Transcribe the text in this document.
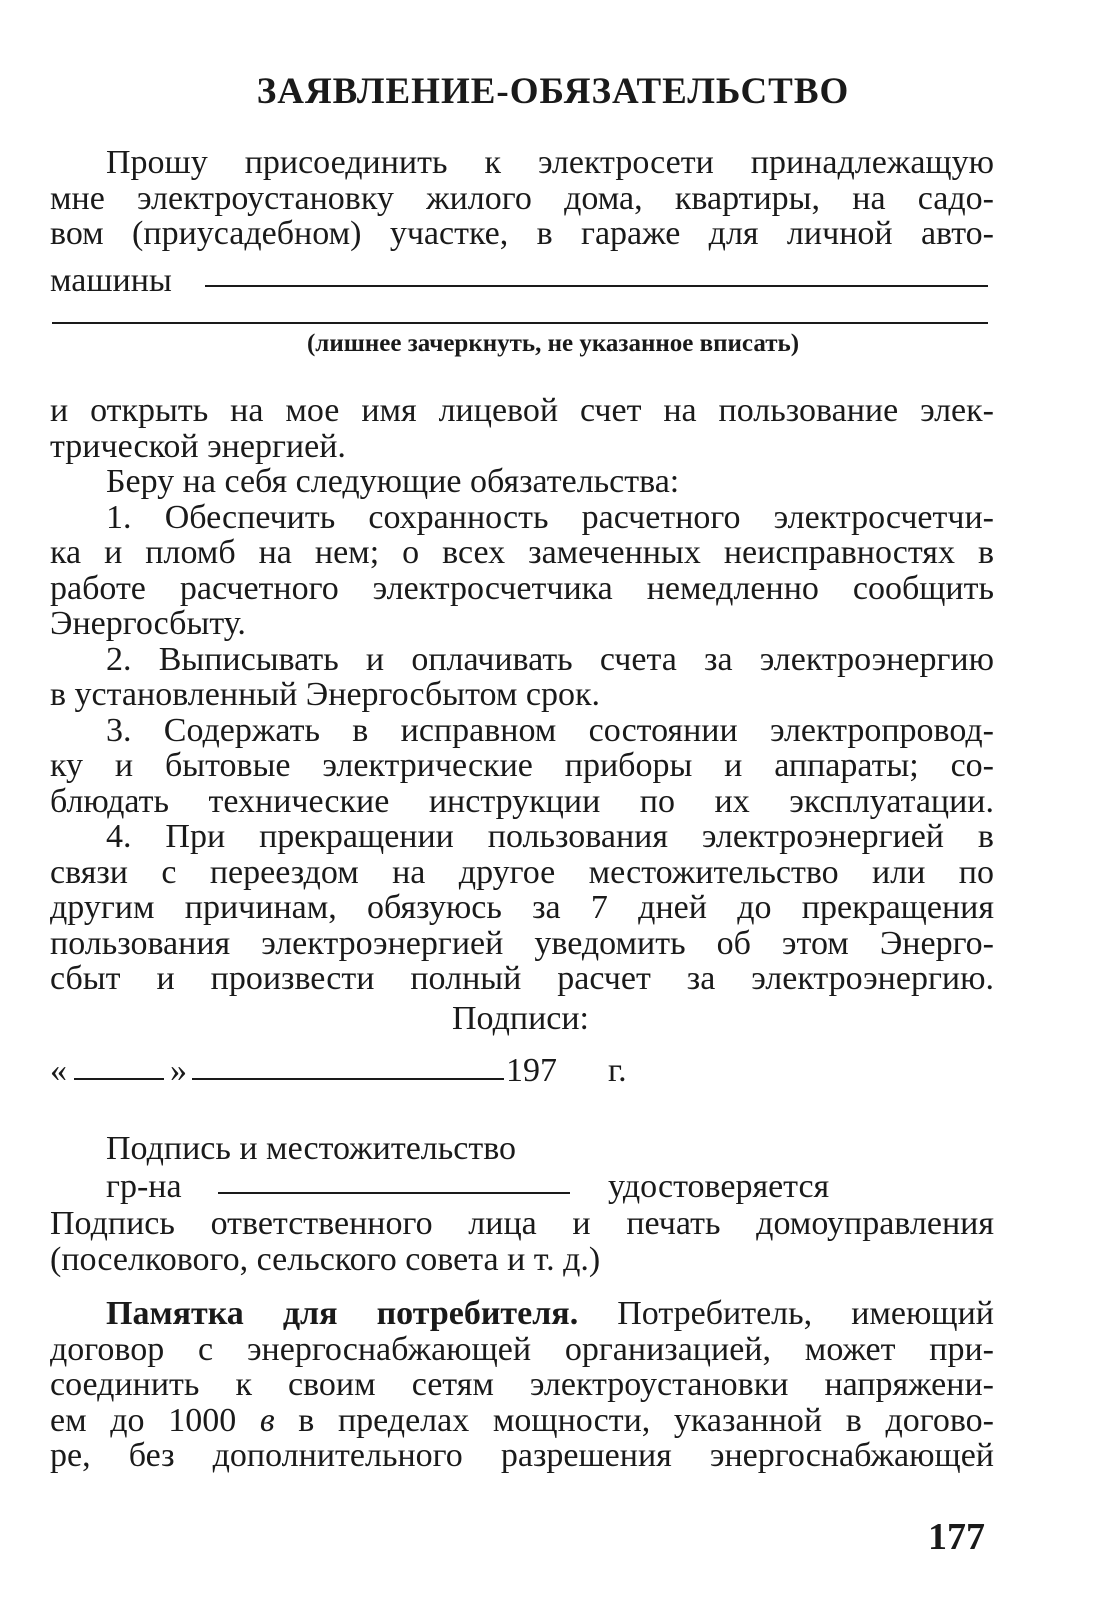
ЗАЯВЛЕНИЕ-ОБЯЗАТЕЛЬСТВО
Прошу присоединить к электросети принадлежащую
мне электроустановку жилого дома, квартиры, на садо-
вом (приусадебном) участке, в гараже для личной авто-
машины
(лишнее зачеркнуть, не указанное вписать)
и открыть на мое имя лицевой счет на пользование элек-
трической энергией.
Беру на себя следующие обязательства:
1. Обеспечить сохранность расчетного электросчетчи-
ка и пломб на нем; о всех замеченных неисправностях в
работе расчетного электросчетчика немедленно сообщить
Энергосбыту.
2. Выписывать и оплачивать счета за электроэнергию
в установленный Энергосбытом срок.
3. Содержать в исправном состоянии электропровод-
ку и бытовые электрические приборы и аппараты; со-
блюдать технические инструкции по их эксплуатации.
4. При прекращении пользования электроэнергией в
связи с переездом на другое местожительство или по
другим причинам, обязуюсь за 7 дней до прекращения
пользования электроэнергией уведомить об этом Энерго-
сбыт и произвести полный расчет за электроэнергию.
Подписи:
«	»	197 г.
Подпись и местожительство
гр-на	удостоверяется
Подпись ответственного лица и печать домоуправления
(поселкового, сельского совета и т. д.)
Памятка для потребителя. Потребитель, имеющий
договор с энергоснабжающей организацией, может при-
соединить к своим сетям электроустановки напряжени-
ем до 1000 в в пределах мощности, указанной в догово-
ре, без дополнительного разрешения энергоснабжающей
177
